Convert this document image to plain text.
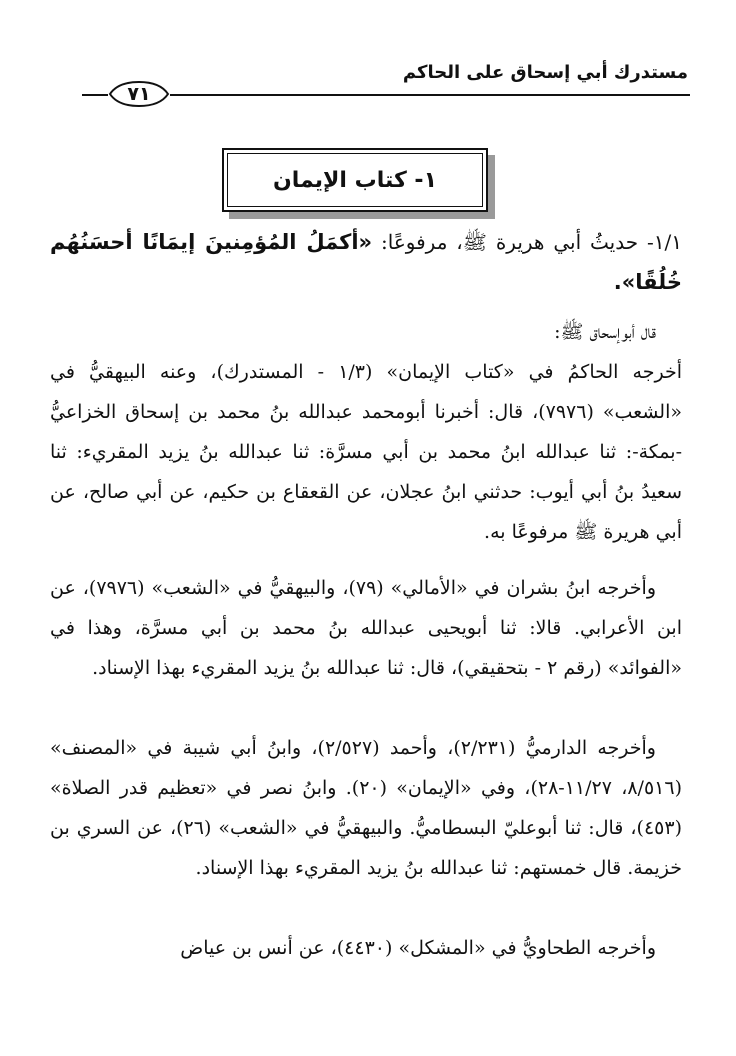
مستدرك أبي إسحاق على الحاكم
٧١
١- كتاب الإيمان
١/١- حديثُ أبي هريرة ﷺ، مرفوعًا: «أكمَلُ المُؤمِنينَ إيمَانًا أحسَنُهُم خُلُقًا».
قال أبوإسحاق ﷺ:
أخرجه الحاكمُ في «كتاب الإيمان» (١/٣ - المستدرك)، وعنه البيهقيُّ في «الشعب» (٧٩٧٦)، قال: أخبرنا أبومحمد عبدالله بنُ محمد بن إسحاق الخزاعيُّ -بمكة-: ثنا عبدالله ابنُ محمد بن أبي مسرَّة: ثنا عبدالله بنُ يزيد المقريء: ثنا سعيدُ بنُ أبي أيوب: حدثني ابنُ عجلان، عن القعقاع بن حكيم، عن أبي صالح، عن أبي هريرة ﷺ مرفوعًا به.
وأخرجه ابنُ بشران في «الأمالي» (٧٩)، والبيهقيُّ في «الشعب» (٧٩٧٦)، عن ابن الأعرابي. قالا: ثنا أبويحيى عبدالله بنُ محمد بن أبي مسرَّة، وهذا في «الفوائد» (رقم ٢ - بتحقيقي)، قال: ثنا عبدالله بنُ يزيد المقريء بهذا الإسناد.
وأخرجه الدارميُّ (٢/٢٣١)، وأحمد (٢/٥٢٧)، وابنُ أبي شيبة في «المصنف» (٨/٥١٦، ١١/٢٧-٢٨)، وفي «الإيمان» (٢٠). وابنُ نصر في «تعظيم قدر الصلاة» (٤٥٣)، قال: ثنا أبوعليّ البسطاميُّ. والبيهقيُّ في «الشعب» (٢٦)، عن السري بن خزيمة. قال خمستهم: ثنا عبدالله بنُ يزيد المقريء بهذا الإسناد.
وأخرجه الطحاويُّ في «المشكل» (٤٤٣٠)، عن أنس بن عياض
